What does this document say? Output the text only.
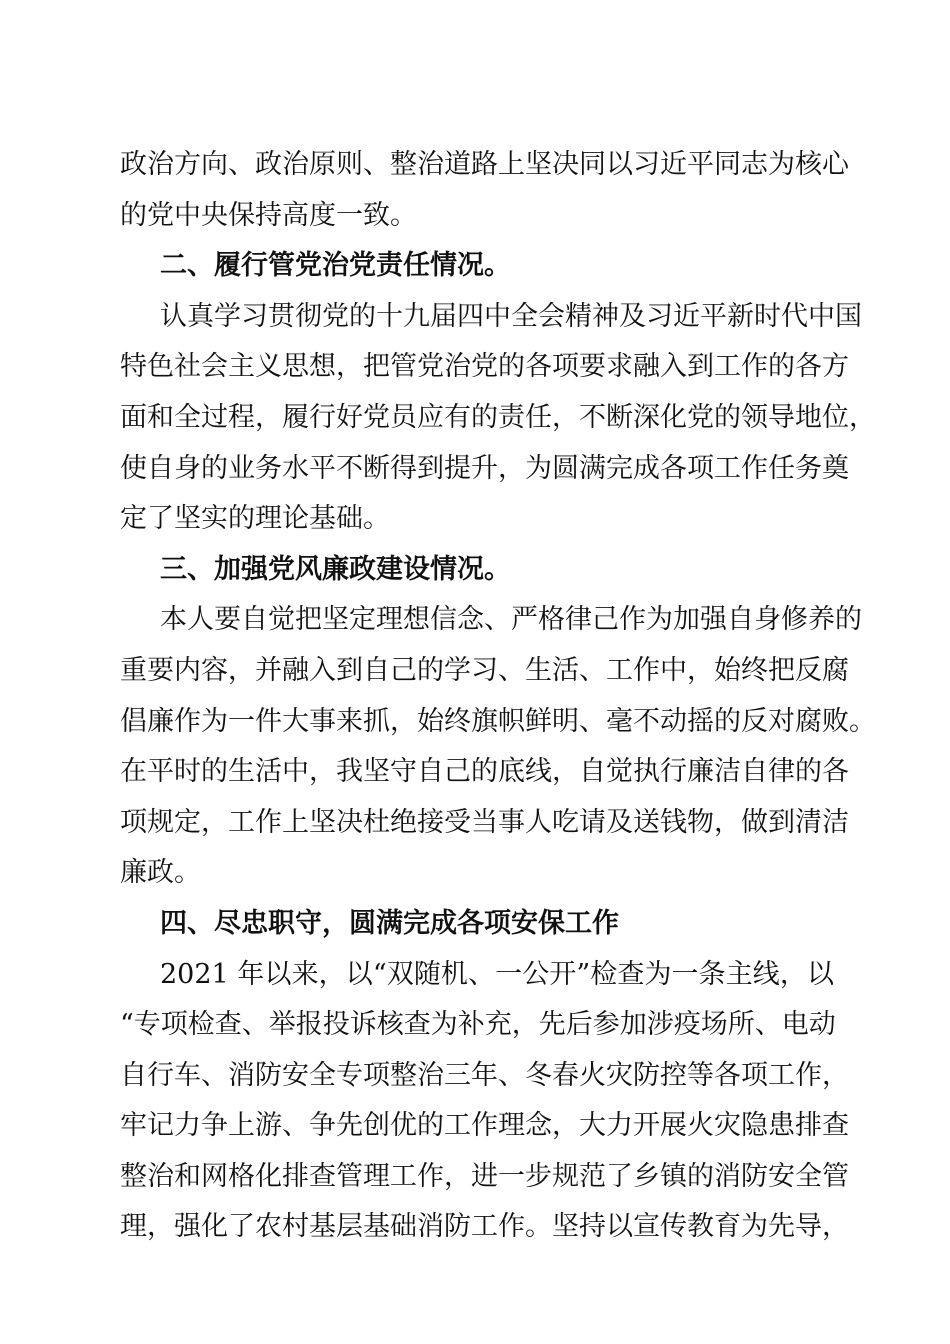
政治方向、政治原则、整治道路上坚决同以习近平同志为核心
的党中央保持高度一致。
二、履行管党治党责任情况。
认真学习贯彻党的十九届四中全会精神及习近平新时代中国
特色社会主义思想，把管党治党的各项要求融入到工作的各方
面和全过程，履行好党员应有的责任，不断深化党的领导地位，
使自身的业务水平不断得到提升，为圆满完成各项工作任务奠
定了坚实的理论基础。
三、加强党风廉政建设情况。
本人要自觉把坚定理想信念、严格律己作为加强自身修养的
重要内容，并融入到自己的学习、生活、工作中，始终把反腐
倡廉作为一件大事来抓，始终旗帜鲜明、毫不动摇的反对腐败。
在平时的生活中，我坚守自己的底线，自觉执行廉洁自律的各
项规定，工作上坚决杜绝接受当事人吃请及送钱物，做到清洁
廉政。
四、尽忠职守，圆满完成各项安保工作
2021 年以来，以“双随机、一公开”检查为一条主线，以
“专项检查、举报投诉核查为补充，先后参加涉疫场所、电动
自行车、消防安全专项整治三年、冬春火灾防控等各项工作，
牢记力争上游、争先创优的工作理念，大力开展火灾隐患排查
整治和网格化排查管理工作，进一步规范了乡镇的消防安全管
理，强化了农村基层基础消防工作。坚持以宣传教育为先导，
